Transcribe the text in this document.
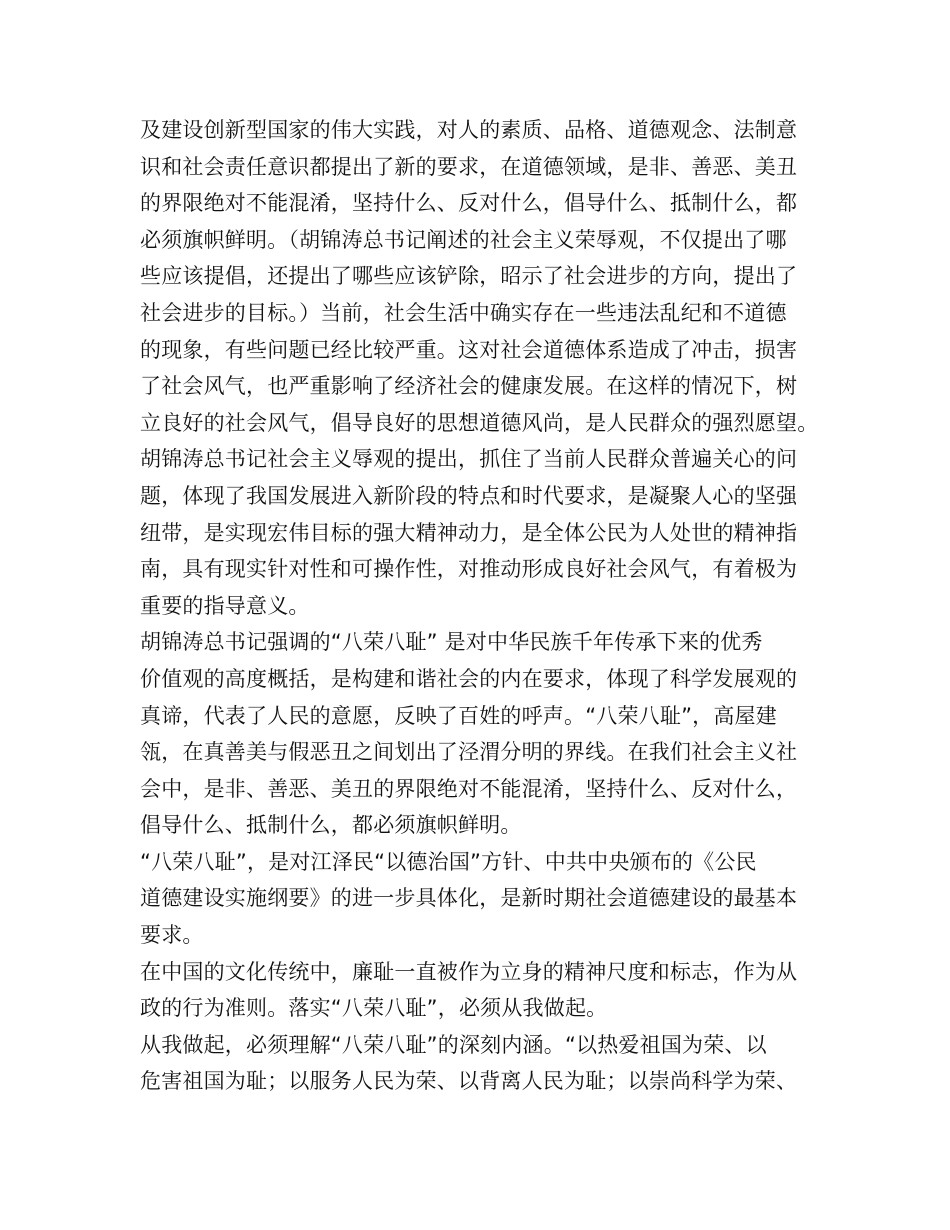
及建设创新型国家的伟大实践，对人的素质、品格、道德观念、法制意
识和社会责任意识都提出了新的要求，在道德领域，是非、善恶、美丑
的界限绝对不能混淆，坚持什么、反对什么，倡导什么、抵制什么，都
必须旗帜鲜明。（胡锦涛总书记阐述的社会主义荣辱观，不仅提出了哪
些应该提倡，还提出了哪些应该铲除，昭示了社会进步的方向，提出了
社会进步的目标。）当前，社会生活中确实存在一些违法乱纪和不道德
的现象，有些问题已经比较严重。这对社会道德体系造成了冲击，损害
了社会风气，也严重影响了经济社会的健康发展。在这样的情况下，树
立良好的社会风气，倡导良好的思想道德风尚，是人民群众的强烈愿望。
胡锦涛总书记社会主义辱观的提出，抓住了当前人民群众普遍关心的问
题，体现了我国发展进入新阶段的特点和时代要求，是凝聚人心的坚强
纽带，是实现宏伟目标的强大精神动力，是全体公民为人处世的精神指
南，具有现实针对性和可操作性，对推动形成良好社会风气，有着极为
重要的指导意义。
胡锦涛总书记强调的“八荣八耻” 是对中华民族千年传承下来的优秀
价值观的高度概括，是构建和谐社会的内在要求，体现了科学发展观的
真谛，代表了人民的意愿，反映了百姓的呼声。“八荣八耻”，高屋建
瓴，在真善美与假恶丑之间划出了泾渭分明的界线。在我们社会主义社
会中，是非、善恶、美丑的界限绝对不能混淆，坚持什么、反对什么，
倡导什么、抵制什么，都必须旗帜鲜明。
“八荣八耻”，是对江泽民“以德治国”方针、中共中央颁布的《公民
道德建设实施纲要》的进一步具体化，是新时期社会道德建设的最基本
要求。
在中国的文化传统中，廉耻一直被作为立身的精神尺度和标志，作为从
政的行为准则。落实“八荣八耻”，必须从我做起。
从我做起，必须理解“八荣八耻”的深刻内涵。“以热爱祖国为荣、以
危害祖国为耻；以服务人民为荣、以背离人民为耻；以崇尚科学为荣、
